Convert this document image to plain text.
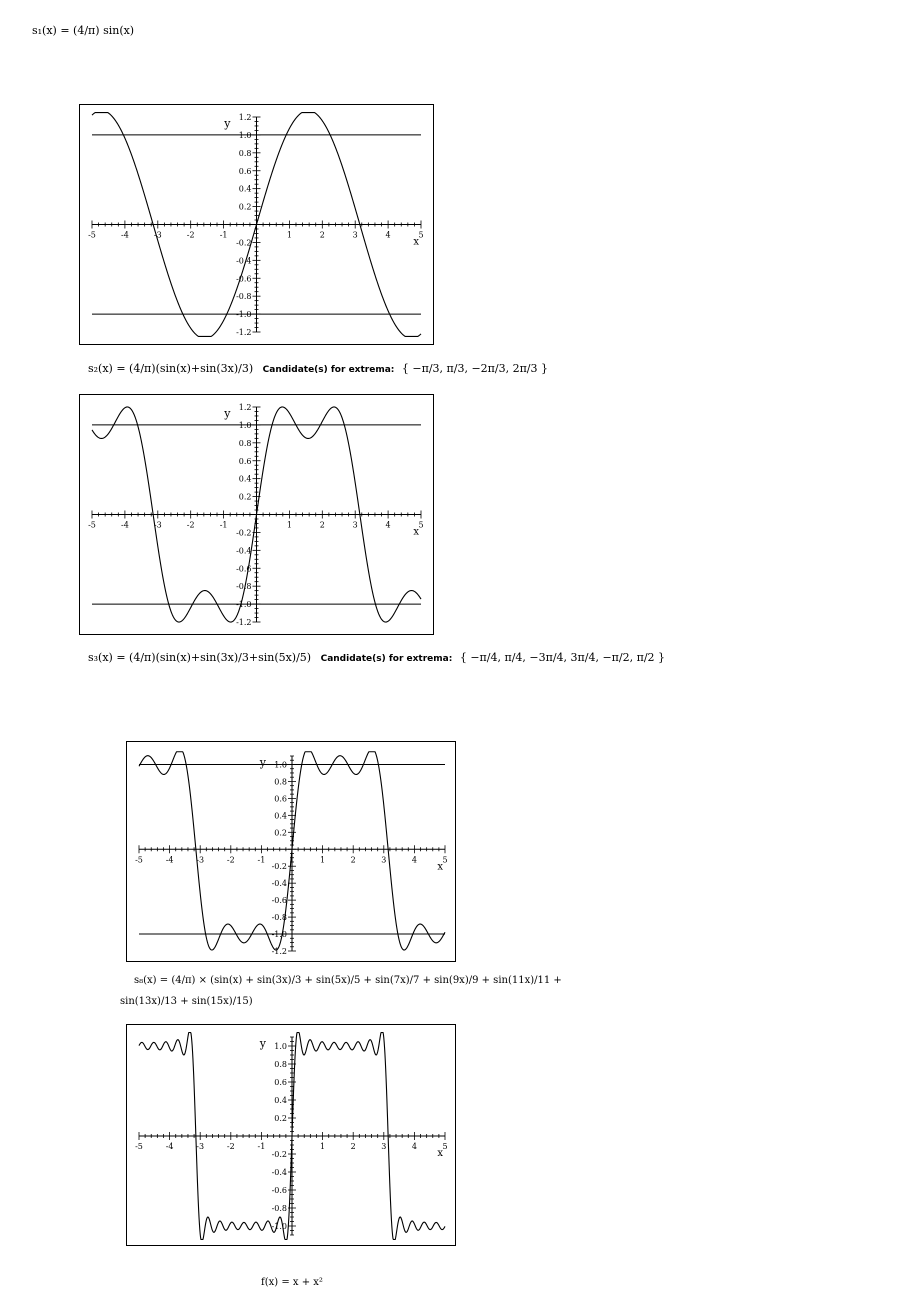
s₁(x) = (4/π) sin(x)
-5	-4	-3	-2	-1	1	2	3	4	5
1.2
1.0
0.8
0.6
0.4
0.2
-0.2
-0.4
-0.6
-0.8
-1.0
-1.2
x
y
s₂(x) = (4/π)(sin(x)+sin(3x)/3) Candidate(s) for extrema: { −π/3, π/3, −2π/3, 2π/3 }
-5	-4	-3	-2	-1	1	2	3	4	5
1.2
1.0
0.8
0.6
0.4
0.2
-0.2
-0.4
-0.6
-0.8
-1.0
-1.2
x
y
s₃(x) = (4/π)(sin(x)+sin(3x)/3+sin(5x)/5) Candidate(s) for extrema: { −π/4, π/4, −3π/4, 3π/4, −π/2, π/2 }
-5	-4	-3	-2	-1	1	2	3	4	5
1.0
0.8
0.6
0.4
0.2
-0.2
-0.4
-0.6
-0.8
-1.0
-1.2
x
y
s₈(x) = (4/π) × (sin(x) + sin(3x)/3 + sin(5x)/5 + sin(7x)/7 + sin(9x)/9 + sin(11x)/11 +
sin(13x)/13 + sin(15x)/15)
-5	-4	-3	-2	-1	1	2	3	4	5
1.0
0.8
0.6
0.4
0.2
-0.2
-0.4
-0.6
-0.8
-1.0
x
y
f(x) = x + x²
